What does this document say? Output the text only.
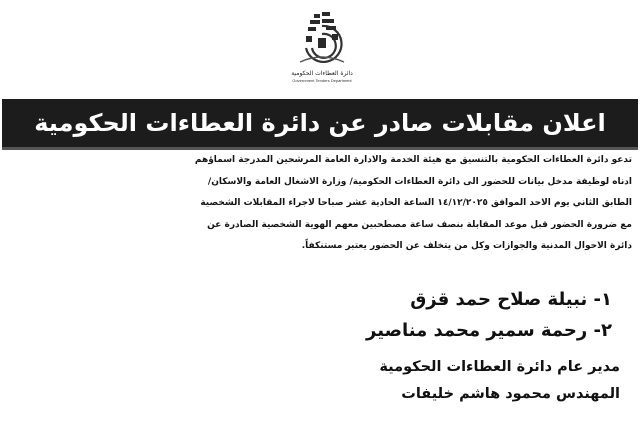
دائرة العطاءات الحكومية
Government Tenders Department
اعلان مقابلات صادر عن دائرة العطاءات الحكومية
تدعو دائرة العطاءات الحكومية بالتنسيق مع هيئة الخدمة والادارة العامة المرشحين المدرجة اسماؤهم
ادناه لوظيفة مدخل بيانات للحضور الى دائرة العطاءات الحكومية/ وزارة الاشغال العامة والاسكان/
الطابق الثاني يوم الاحد الموافق ١٤/١٢/٢٠٢٥ الساعة الحادية عشر صباحا لاجراء المقابلات الشخصية
مع ضرورة الحضور قبل موعد المقابلة بنصف ساعة مصطحبين معهم الهوية الشخصية الصادرة عن
دائرة الاحوال المدنية والجوازات وكل من يتخلف عن الحضور يعتبر مستنكفاً.
١- نبيلة صلاح حمد قزق
٢- رحمة سمير محمد مناصير
مدير عام دائرة العطاءات الحكومية
المهندس محمود هاشم خليفات
